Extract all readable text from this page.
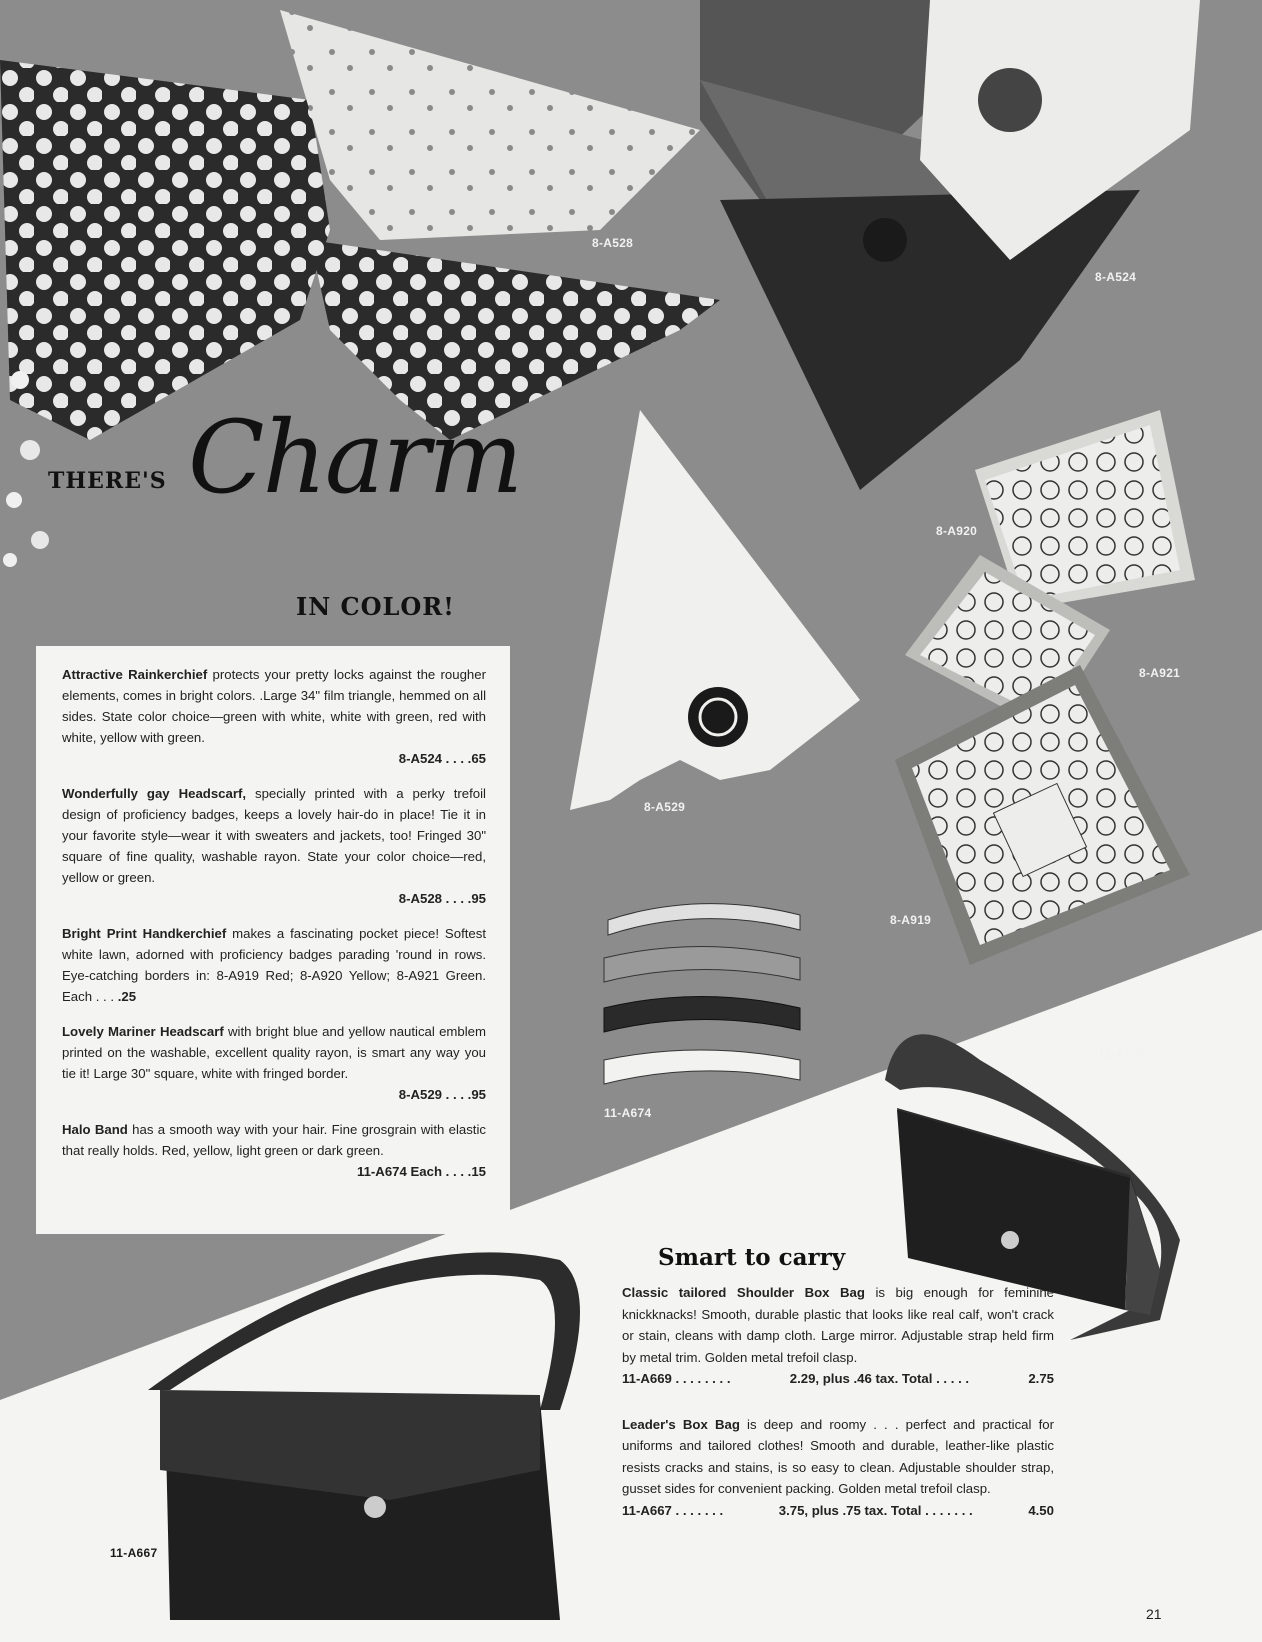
8-A528
8-A524
8-A920
8-A921
8-A529
8-A919
11-A669
11-A674
11-A667
THERE'S Charm
IN COLOR!

Attractive Rainkerchief protects your pretty locks against the rougher elements, comes in bright colors. .Large 34" film triangle, hemmed on all sides. State color choice—green with white, white with green, red with white, yellow with green.
8-A524 . . . .65

Wonderfully gay Headscarf, specially printed with a perky trefoil design of proficiency badges, keeps a lovely hair-do in place! Tie it in your favorite style—wear it with sweaters and jackets, too! Fringed 30" square of fine quality, washable rayon. State your color choice—red, yellow or green.
8-A528 . . . .95

Bright Print Handkerchief makes a fascinating pocket piece! Softest white lawn, adorned with proficiency badges parading 'round in rows. Eye-catching borders in: 8-A919 Red; 8-A920 Yellow; 8-A921 Green. Each . . . .25

Lovely Mariner Headscarf with bright blue and yellow nautical emblem printed on the washable, excellent quality rayon, is smart any way you tie it! Large 30" square, white with fringed border.
8-A529 . . . .95

Halo Band has a smooth way with your hair. Fine grosgrain with elastic that really holds. Red, yellow, light green or dark green.
11-A674 Each . . . .15

Smart to carry

Classic tailored Shoulder Box Bag is big enough for feminine knickknacks! Smooth, durable plastic that looks like real calf, won't crack or stain, cleans with damp cloth. Large mirror. Adjustable strap held firm by metal trim. Golden metal trefoil clasp.
11-A669 . . . . . . . .	2.29, plus .46 tax. Total . . . . .	2.75

Leader's Box Bag is deep and roomy . . . perfect and practical for uniforms and tailored clothes! Smooth and durable, leather-like plastic resists cracks and stains, is so easy to clean. Adjustable shoulder strap, gusset sides for convenient packing. Golden metal trefoil clasp.
11-A667 . . . . . . .	3.75, plus .75 tax. Total . . . . . . .	4.50

21
